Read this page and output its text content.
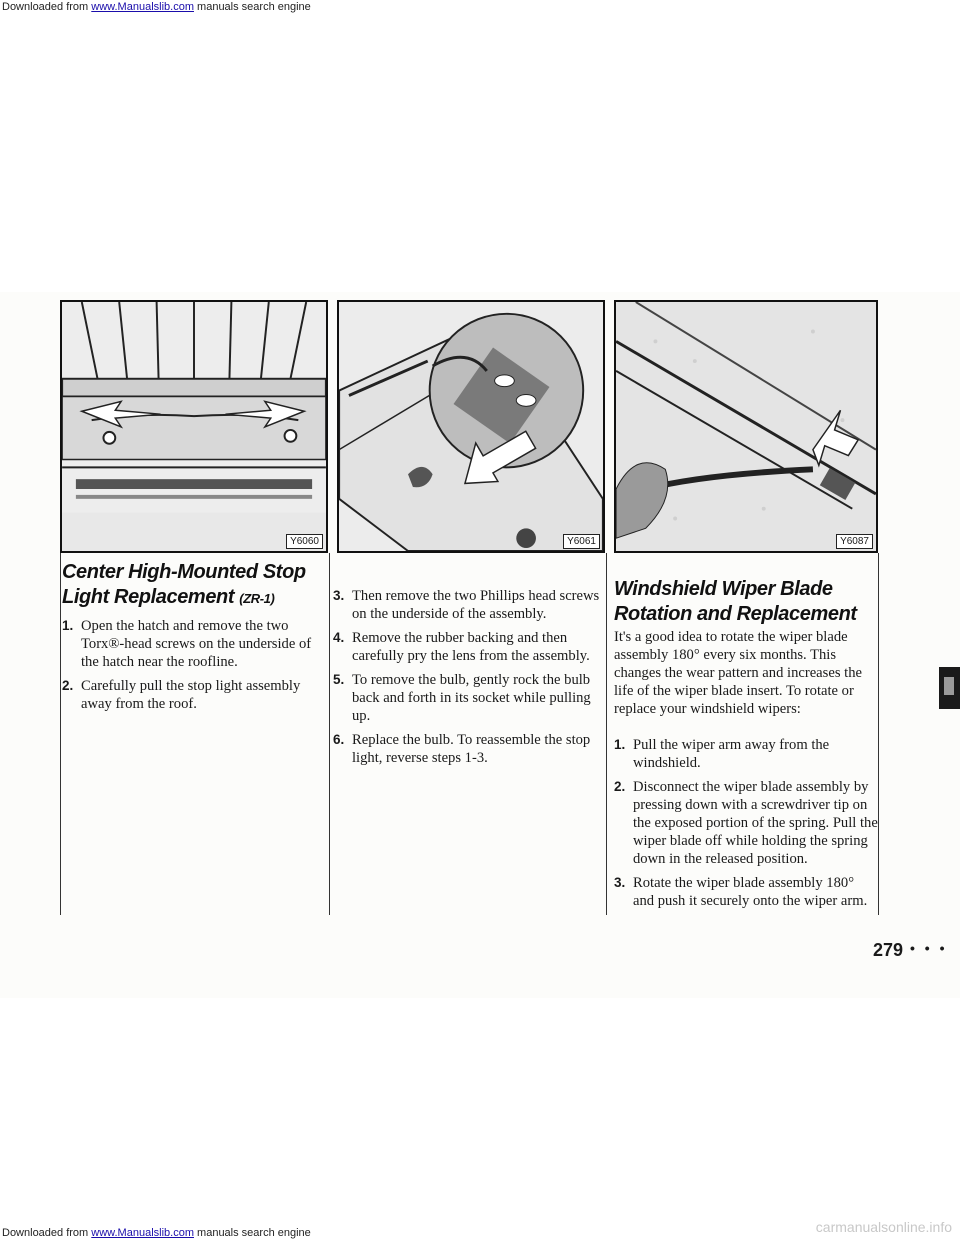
Downloaded from www.Manualslib.com manuals search engine
Y6060	Y6061	Y6087
Center High-Mounted Stop Light Replacement (ZR-1)
1. Open the hatch and remove the two Torx®-head screws on the underside of the hatch near the roofline.
2. Carefully pull the stop light assembly away from the roof.
3. Then remove the two Phillips head screws on the underside of the assembly.
4. Remove the rubber backing and then carefully pry the lens from the assembly.
5. To remove the bulb, gently rock the bulb back and forth in its socket while pulling up.
6. Replace the bulb. To reassemble the stop light, reverse steps 1-3.
Windshield Wiper Blade Rotation and Replacement

It's a good idea to rotate the wiper blade assembly 180° every six months. This changes the wear pattern and increases the life of the wiper blade insert. To rotate or replace your windshield wipers:

1. Pull the wiper arm away from the windshield.
2. Disconnect the wiper blade assembly by pressing down with a screwdriver tip on the exposed portion of the spring. Pull the wiper blade off while holding the spring down in the released position.
3. Rotate the wiper blade assembly 180° and push it securely onto the wiper arm.
279 • • •
Downloaded from www.Manualslib.com manuals search engine	carmanualsonline.info
